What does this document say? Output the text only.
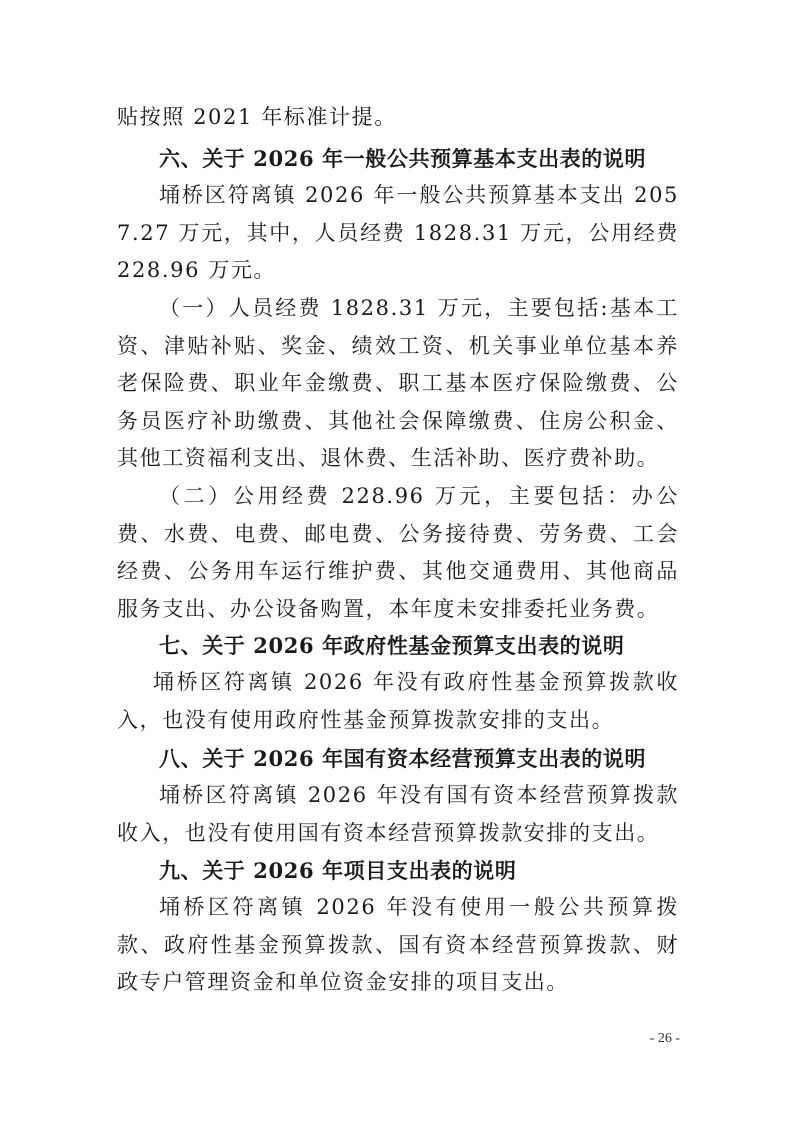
贴按照 2021 年标准计提。
六、关于 2026 年一般公共预算基本支出表的说明
埇桥区符离镇 2026 年一般公共预算基本支出 2057.27 万元，其中，人员经费 1828.31 万元，公用经费 228.96 万元。
（一）人员经费 1828.31 万元，主要包括:基本工资、津贴补贴、奖金、绩效工资、机关事业单位基本养老保险费、职业年金缴费、职工基本医疗保险缴费、公务员医疗补助缴费、其他社会保障缴费、住房公积金、其他工资福利支出、退休费、生活补助、医疗费补助。
（二）公用经费 228.96 万元，主要包括：办公费、水费、电费、邮电费、公务接待费、劳务费、工会经费、公务用车运行维护费、其他交通费用、其他商品服务支出、办公设备购置，本年度未安排委托业务费。
七、关于 2026 年政府性基金预算支出表的说明
埇桥区符离镇 2026 年没有政府性基金预算拨款收入，也没有使用政府性基金预算拨款安排的支出。
八、关于 2026 年国有资本经营预算支出表的说明
埇桥区符离镇 2026 年没有国有资本经营预算拨款收入，也没有使用国有资本经营预算拨款安排的支出。
九、关于 2026 年项目支出表的说明
埇桥区符离镇 2026 年没有使用一般公共预算拨款、政府性基金预算拨款、国有资本经营预算拨款、财政专户管理资金和单位资金安排的项目支出。
- 26 -
